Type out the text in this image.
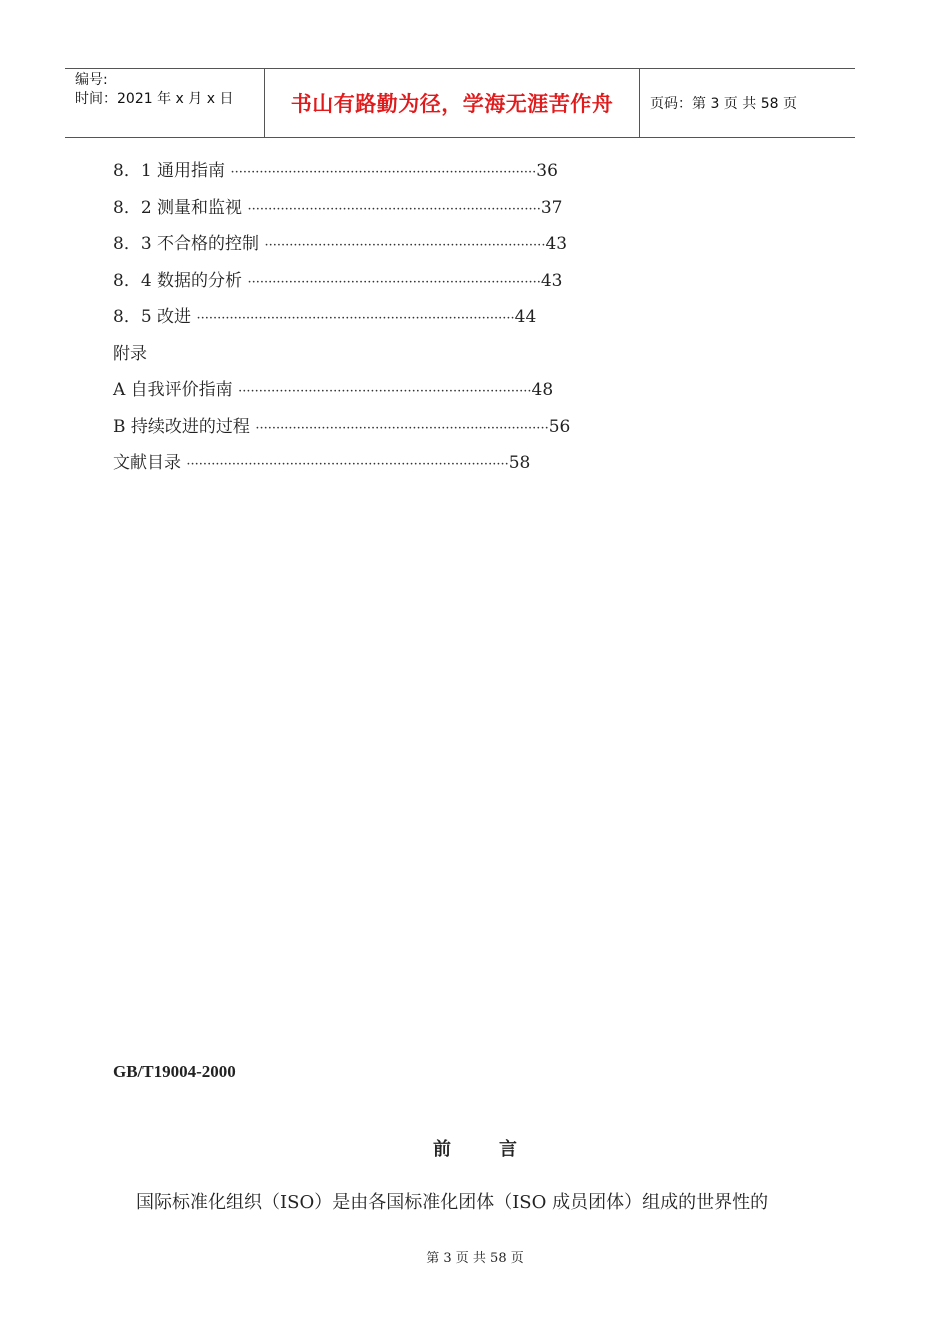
编号:
时间：2021 年 x 月 x 日	书山有路勤为径，学海无涯苦作舟	页码：第 3 页 共 58 页
8．1 通用指南 ··········································································36
8．2 测量和监视 ·······································································37
8．3 不合格的控制 ····································································43
8．4 数据的分析 ·······································································43
8．5 改进 ·············································································44
附录
A 自我评价指南 ·······································································48
B 持续改进的过程 ·······································································56
文献目录 ··············································································58
GB/T19004-2000
前言
国际标准化组织（ISO）是由各国标准化团体（ISO 成员团体）组成的世界性的
第 3 页 共 58 页
